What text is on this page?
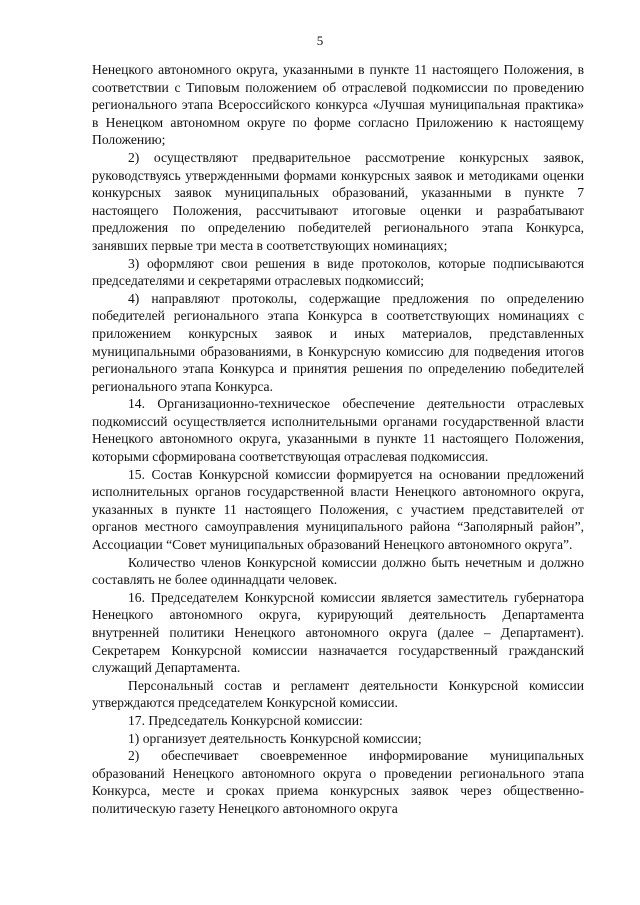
5

Ненецкого автономного округа, указанными в пункте 11 настоящего Положения, в соответствии с Типовым положением об отраслевой подкомиссии по проведению регионального этапа Всероссийского конкурса «Лучшая муниципальная практика» в Ненецком автономном округе по форме согласно Приложению к настоящему Положению;

2) осуществляют предварительное рассмотрение конкурсных заявок, руководствуясь утвержденными формами конкурсных заявок и методиками оценки конкурсных заявок муниципальных образований, указанными в пункте 7 настоящего Положения, рассчитывают итоговые оценки и разрабатывают предложения по определению победителей регионального этапа Конкурса, занявших первые три места в соответствующих номинациях;

3) оформляют свои решения в виде протоколов, которые подписываются председателями и секретарями отраслевых подкомиссий;

4) направляют протоколы, содержащие предложения по определению победителей регионального этапа Конкурса в соответствующих номинациях с приложением конкурсных заявок и иных материалов, представленных муниципальными образованиями, в Конкурсную комиссию для подведения итогов регионального этапа Конкурса и принятия решения по определению победителей регионального этапа Конкурса.

14. Организационно-техническое обеспечение деятельности отраслевых подкомиссий осуществляется исполнительными органами государственной власти Ненецкого автономного округа, указанными в пункте 11 настоящего Положения, которыми сформирована соответствующая отраслевая подкомиссия.

15. Состав Конкурсной комиссии формируется на основании предложений исполнительных органов государственной власти Ненецкого автономного округа, указанных в пункте 11 настоящего Положения, с участием представителей от органов местного самоуправления муниципального района “Заполярный район”, Ассоциации “Совет муниципальных образований Ненецкого автономного округа”.

Количество членов Конкурсной комиссии должно быть нечетным и должно составлять не более одиннадцати человек.

16. Председателем Конкурсной комиссии является заместитель губернатора Ненецкого автономного округа, курирующий деятельность Департамента внутренней политики Ненецкого автономного округа (далее – Департамент). Секретарем Конкурсной комиссии назначается государственный гражданский служащий Департамента.

Персональный состав и регламент деятельности Конкурсной комиссии утверждаются председателем Конкурсной комиссии.

17. Председатель Конкурсной комиссии:

1) организует деятельность Конкурсной комиссии;

2) обеспечивает своевременное информирование муниципальных образований Ненецкого автономного округа о проведении регионального этапа Конкурса, месте и сроках приема конкурсных заявок через общественно-политическую газету Ненецкого автономного округа
